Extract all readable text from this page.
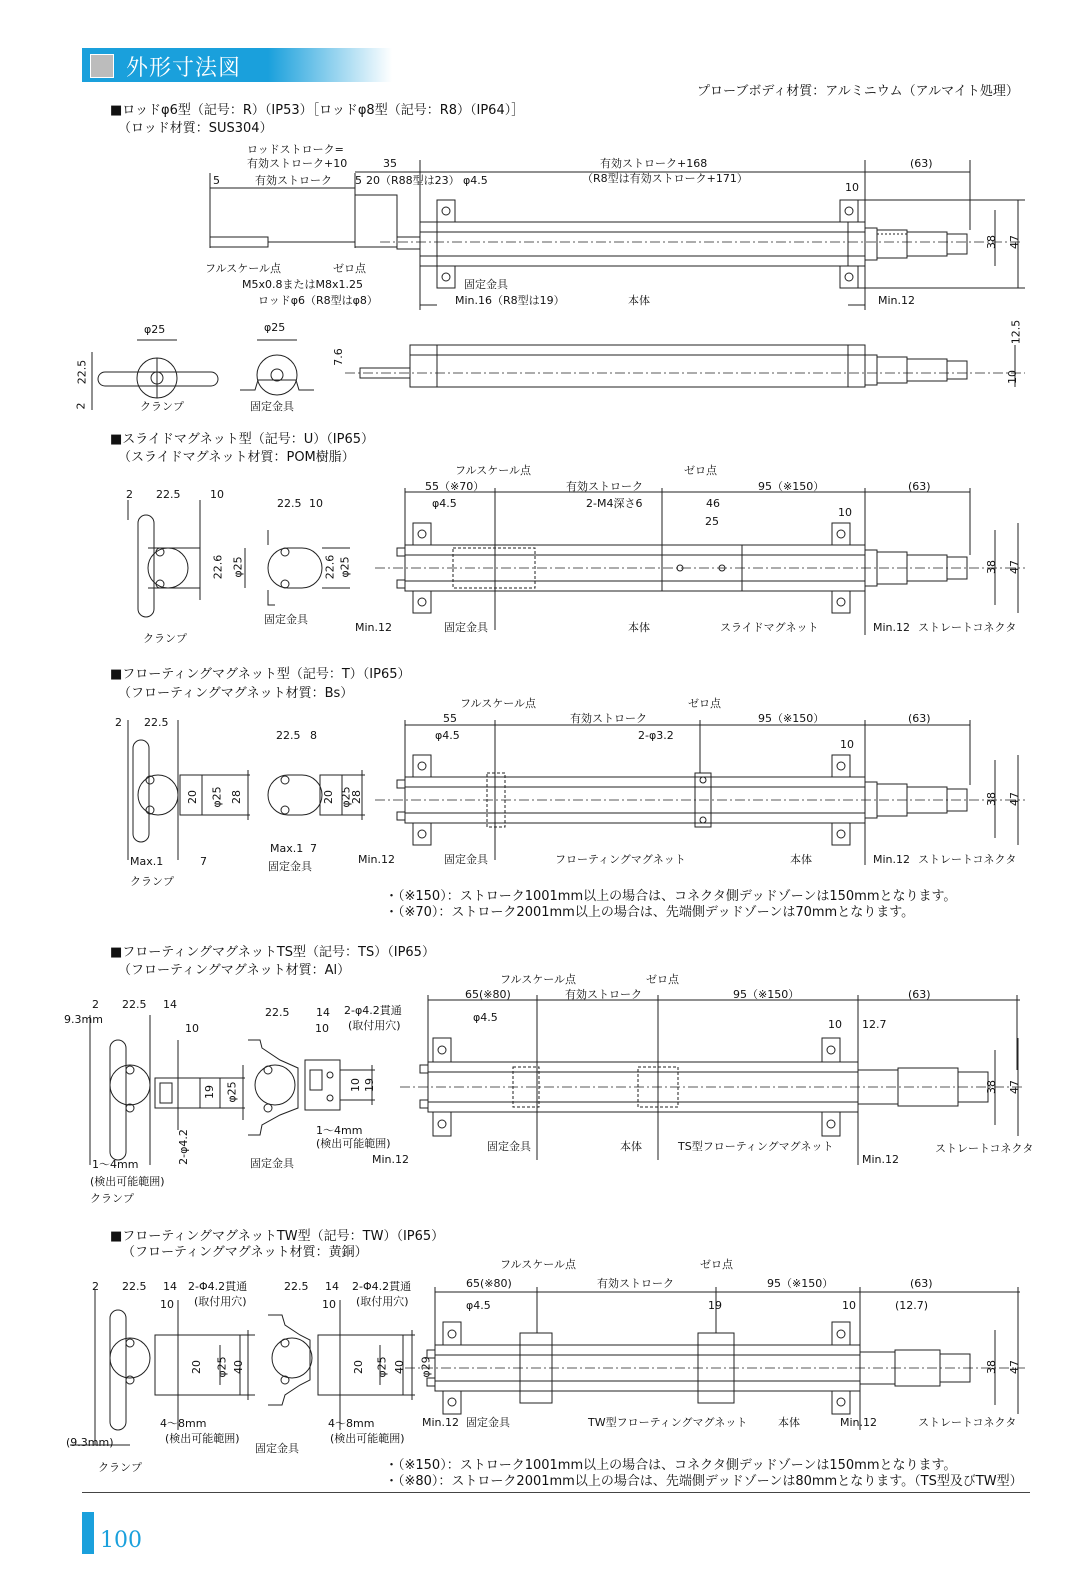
外形寸法図
プローブボディ材質：アルミニウム（アルマイト処理）
■ロッドφ6型（記号：R）（IP53）［ロッドφ8型（記号：R8）（IP64）］
（ロッド材質：SUS304）
■スライドマグネット型（記号：U）（IP65）
（スライドマグネット材質：POM樹脂）
■フローティングマグネット型（記号：T）（IP65）
（フローティングマグネット材質：Bs）
・（※150）：ストローク1001mm以上の場合は、コネクタ側デッドゾーンは150mmとなります。
・（※70）：ストローク2001mm以上の場合は、先端側デッドゾーンは70mmとなります。
■フローティングマグネットTS型（記号：TS）（IP65）
（フローティングマグネット材質：Al）
■フローティングマグネットTW型（記号：TW）（IP65）
（フローティングマグネット材質：黄銅）
・（※150）：ストローク1001mm以上の場合は、コネクタ側デッドゾーンは150mmとなります。
・（※80）：ストローク2001mm以上の場合は、先端側デッドゾーンは80mmとなります。（TS型及びTW型）
ロッドストローク=
有効ストローク+10	35	有効ストローク+168	(63)
5	有効ストローク 5 20（R88型は23） φ4.5	（R8型は有効ストローク+171）
10
38 47
フルスケール点	ゼロ点
固定金具
M5x0.8またはM8x1.25
ロッドφ6（R8型はφ8）	Min.16（R8型は19）	本体	Min.12
φ25	φ25
22.5
2
7.6
12.5
10
クランプ	固定金具
フルスケール点	ゼロ点
2 22.5	10
55（※70）	有効ストローク	95（※150）	(63)
φ4.5	2-M4深さ6	46
25
10
22.5 10
22.6 φ25	22.6 φ25	38 47
クランプ
固定金具
Min.12	固定金具	本体	スライドマグネット	Min.12 ストレートコネクタ
フルスケール点	ゼロ点
2 22.5	55	有効ストローク	95（※150）	(63)
22.5 8	φ4.5	2-φ3.2
10
20 φ25 28	20 φ25
28	38 47
Max.1	7
Max.1 7
クランプ
固定金具
Min.12	固定金具	フローティングマグネット	本体	Min.12 ストレートコネクタ
フルスケール点	ゼロ点
2 22.5 14
65(※80)	有効ストローク	95（※150）	(63)
22.5 14 2-φ4.2貫通
(取付用穴)
10	10
9.3mm	φ4.5
10 12.7
19 φ25	10 19	38 47
2-φ4.2	1～4mm
(検出可能範囲)
1～4mm
(検出可能範囲)
固定金具	本体	TS型フローティングマグネット	ストレートコネクタ
Min.12	Min.12
クランプ
固定金具
フルスケール点	ゼロ点
2 22.5 14 2-Φ4.2貫通
(取付用穴)
22.5 14 2-Φ4.2貫通
(取付用穴)
65(※80)	有効ストローク	95（※150）	(63)
φ4.5	19	10	(12.7)
10	10
20 φ25 40	20 φ25 40 φ29	38 47
4～8mm
(検出可能範囲)
4～8mm
(検出可能範囲)
(9.3mm)
Min.12 固定金具	TW型フローティングマグネット	本体	Min.12	ストレートコネクタ
クランプ
固定金具
100
